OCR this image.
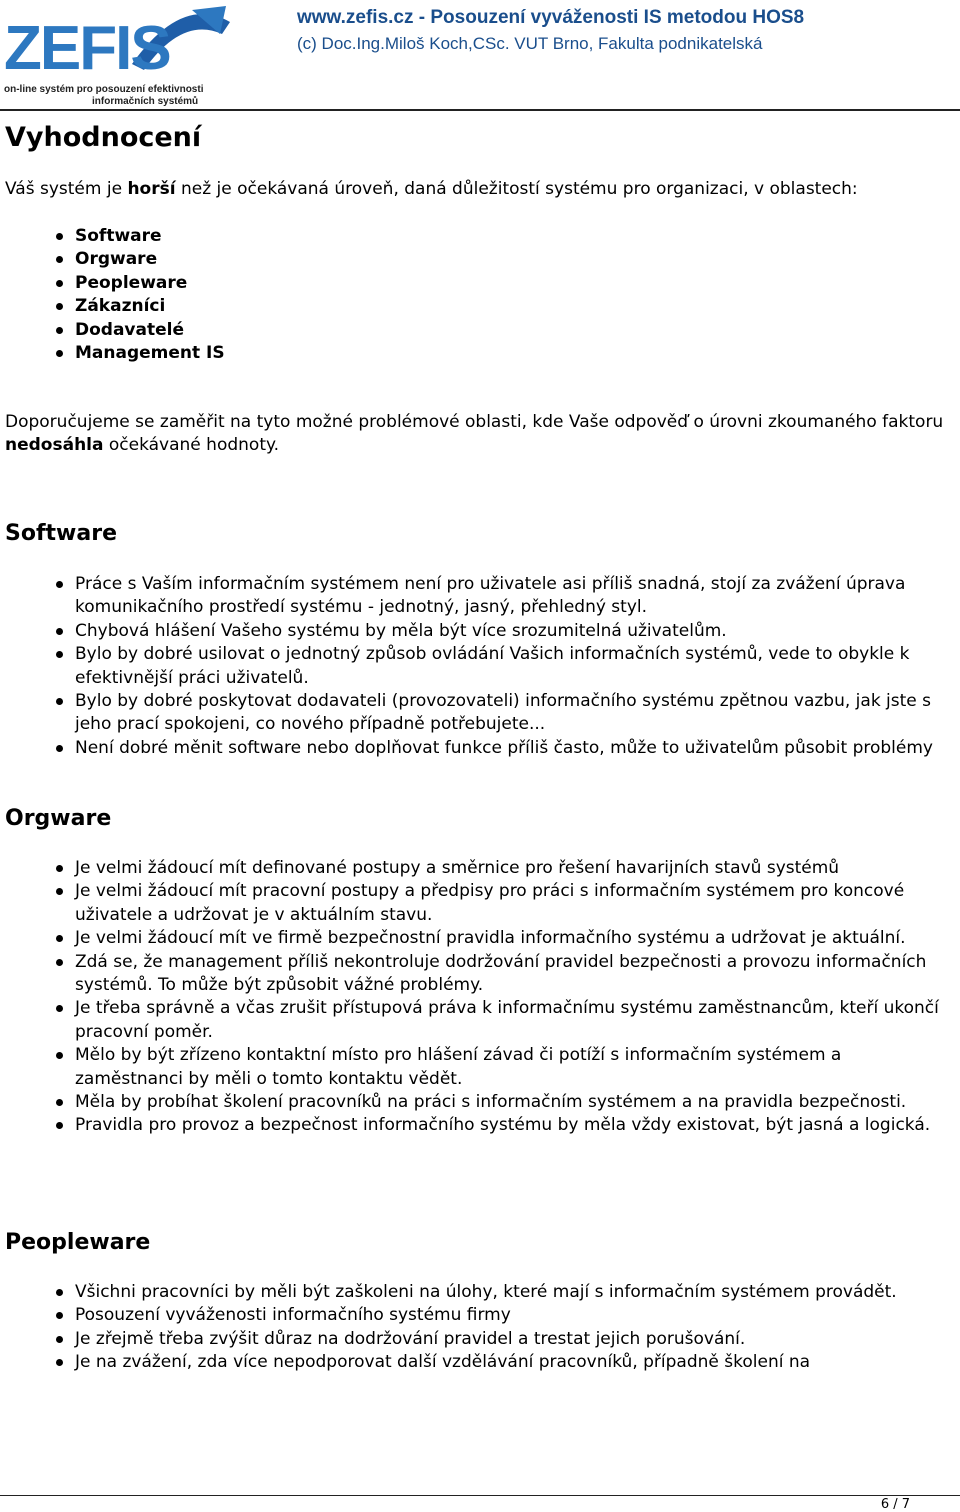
ZEFIS
on-line systém pro posouzení efektivnosti
informačních systémů
www.zefis.cz - Posouzení vyváženosti IS metodou HOS8
(c) Doc.Ing.Miloš Koch,CSc. VUT Brno, Fakulta podnikatelská
Vyhodnocení
Váš systém je horší než je očekávaná úroveň, daná důležitostí systému pro organizaci, v oblastech:
Software
Orgware
Peopleware
Zákazníci
Dodavatelé
Management IS
Doporučujeme se zaměřit na tyto možné problémové oblasti, kde Vaše odpověď o úrovni zkoumaného faktoru nedosáhla očekávané hodnoty.
Software
Práce s Vaším informačním systémem není pro uživatele asi příliš snadná, stojí za zvážení úprava komunikačního prostředí systému - jednotný, jasný, přehledný styl.
Chybová hlášení Vašeho systému by měla být více srozumitelná uživatelům.
Bylo by dobré usilovat o jednotný způsob ovládání Vašich informačních systémů, vede to obykle k efektivnější práci uživatelů.
Bylo by dobré poskytovat dodavateli (provozovateli) informačního systému zpětnou vazbu, jak jste s jeho prací spokojeni, co nového případně potřebujete...
Není dobré měnit software nebo doplňovat funkce příliš často, může to uživatelům působit problémy
Orgware
Je velmi žádoucí mít definované postupy a směrnice pro řešení havarijních stavů systémů
Je velmi žádoucí mít pracovní postupy a předpisy pro práci s informačním systémem pro koncové uživatele a udržovat je v aktuálním stavu.
Je velmi žádoucí mít ve firmě bezpečnostní pravidla informačního systému a udržovat je aktuální.
Zdá se, že management příliš nekontroluje dodržování pravidel bezpečnosti a provozu informačních systémů. To může být způsobit vážné problémy.
Je třeba správně a včas zrušit přístupová práva k informačnímu systému zaměstnancům, kteří ukončí pracovní poměr.
Mělo by být zřízeno kontaktní místo pro hlášení závad či potíží s informačním systémem a zaměstnanci by měli o tomto kontaktu vědět.
Měla by probíhat školení pracovníků na práci s informačním systémem a na pravidla bezpečnosti.
Pravidla pro provoz a bezpečnost informačního systému by měla vždy existovat, být jasná a logická.
Peopleware
Všichni pracovníci by měli být zaškoleni na úlohy, které mají s informačním systémem provádět.
Posouzení vyváženosti informačního systému firmy
Je zřejmě třeba zvýšit důraz na dodržování pravidel a trestat jejich porušování.
Je na zvážení, zda více nepodporovat další vzdělávání pracovníků, případně školení na
6 / 7
